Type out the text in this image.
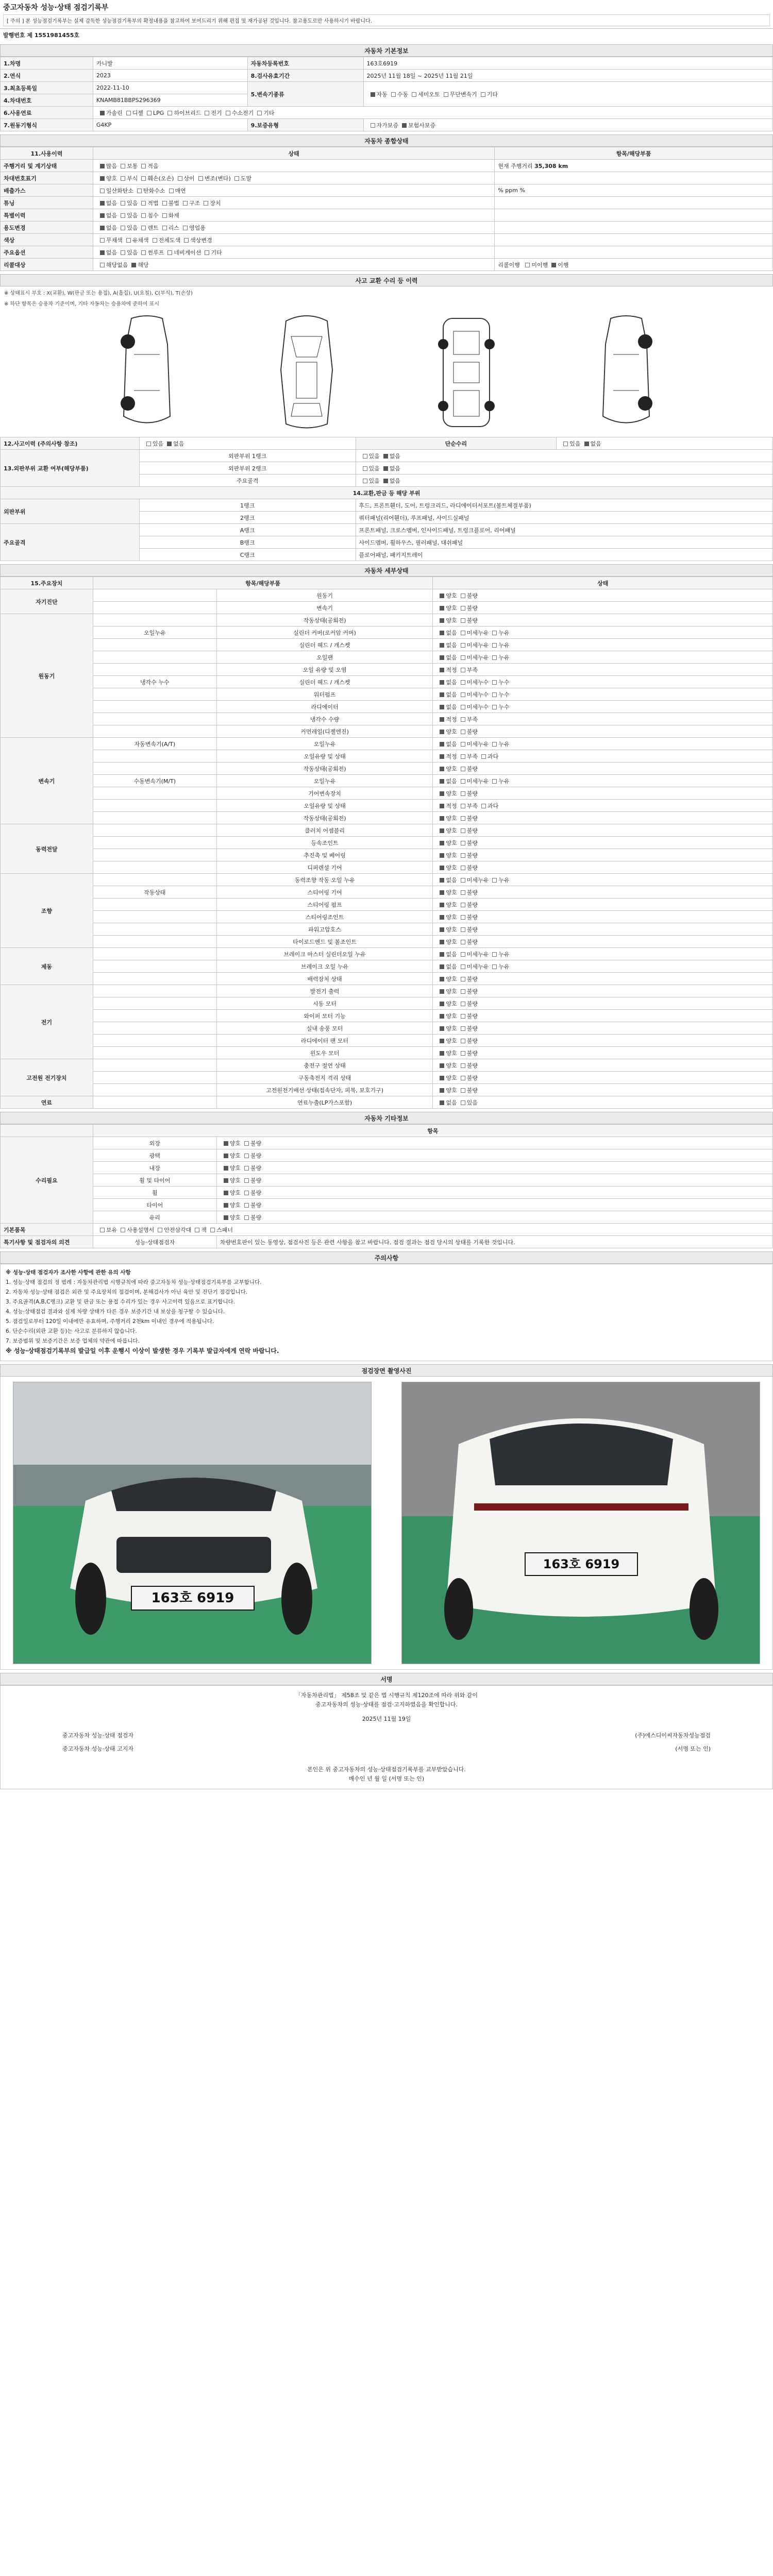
중고자동차 성능·상태 점검기록부
[ 주의 ] 본 성능점검기록부는 실제 감독한 성능점검기록부의 확정내용을 참고하여 보여드리기 위해 편집 및 재가공된 것입니다. 참고용도로만 사용하시기 바랍니다.
발행번호 제 1551981455호
자동차 기본정보
1.차명	카니발	자동차등록번호	163호6919
2.연식	2023	8.검사유효기간	2025년 11월 18일 ~ 2025년 11월 21일
3.최초등록일	2022-11-10	5.변속기종류	자동 수동 세미오토 무단변속기 기타
4.차대번호	KNAMB81BBPS296369		
6.사용연료	가솔린 디젤 LPG 하이브리드 전기 수소전기 기타		
7.원동기형식	G4KP	9.보증유형	자가보증 보험사보증
자동차 종합상태
11.사용이력	상태	항목/해당부품
주행거리 및 계기상태	많음 보통 적음	현재 주행거리 35,308 km
차대번호표기	양호 부식 훼손(오손) 상이 변조(변타) 도말	
배출가스	일산화탄소 탄화수소 매연	% ppm %
튜닝	없음 있음 적법 불법 구조 장치	
특별이력	없음 있음 침수 화재	
용도변경	없음 있음 렌트 리스 영업용	
색상	무채색 유채색 전체도색 색상변경	
주요옵션	없음 있음 썬루프 네비게이션 기타	
리콜대상	해당없음 해당	리콜이행 미이행 이행
사고 교환 수리 등 이력
※ 상태표시 부호 : X(교환), W(판금 또는 용접), A(흠집), U(요철), C(부식), T(손상)
※ 하단 항목은 승용차 기준이며, 기타 자동차는 승용차에 준하여 표시
12.사고이력 (주의사항 참조)	있음 없음	단순수리	있음 없음
13.외판부위 교환 여부(해당부품)	외판부위 1랭크	있음 없음	
	외판부위 2랭크	있음 없음	
	주요골격	있음 없음	
14.교환,판금 등 해당 부위			
외판부위	1랭크	후드, 프론트휀더, 도어, 트렁크리드, 라디에이터서포트(볼트체결부품)	
	2랭크	쿼터패널(리어휀더), 루프패널, 사이드실패널	
주요골격	A랭크	프론트패널, 크로스멤버, 인사이드패널, 트렁크플로어, 리어패널	
	B랭크	사이드멤버, 휠하우스, 필러패널, 대쉬패널	
	C랭크	플로어패널, 패키지트레이	
자동차 세부상태
15.주요장치	항목/해당부품		상태
자기진단		원동기	양호 불량
		변속기	양호 불량
원동기		작동상태(공회전)	양호 불량
	오일누유	실린더 커버(로커암 커버)	없음 미세누유 누유
		실린더 헤드 / 개스켓	없음 미세누유 누유
		오일팬	없음 미세누유 누유
		오일 유량 및 오염	적정 부족
	냉각수 누수	실린더 헤드 / 개스켓	없음 미세누수 누수
		워터펌프	없음 미세누수 누수
		라디에이터	없음 미세누수 누수
		냉각수 수량	적정 부족
		커먼레일(디젤엔진)	양호 불량
변속기	자동변속기(A/T)	오일누유	없음 미세누유 누유
		오일유량 및 상태	적정 부족 과다
		작동상태(공회전)	양호 불량
	수동변속기(M/T)	오일누유	없음 미세누유 누유
		기어변속장치	양호 불량
		오일유량 및 상태	적정 부족 과다
		작동상태(공회전)	양호 불량
동력전달		클러치 어셈블리	양호 불량
		등속조인트	양호 불량
		추진축 및 베어링	양호 불량
		디퍼렌셜 기어	양호 불량
조향		동력조향 작동 오일 누유	없음 미세누유 누유
	작동상태	스티어링 기어	양호 불량
		스티어링 펌프	양호 불량
		스티어링조인트	양호 불량
		파워고압호스	양호 불량
		타이로드엔드 및 볼조인트	양호 불량
제동		브레이크 마스터 실린더오일 누유	없음 미세누유 누유
		브레이크 오일 누유	없음 미세누유 누유
		배력장치 상태	양호 불량
전기		발전기 출력	양호 불량
		시동 모터	양호 불량
		와이퍼 모터 기능	양호 불량
		실내 송풍 모터	양호 불량
		라디에이터 팬 모터	양호 불량
		윈도우 모터	양호 불량
고전원 전기장치		충전구 절연 상태	양호 불량
		구동축전지 격리 상태	양호 불량
		고전원전기배선 상태(접속단자, 피복, 보호기구)	양호 불량
연료		연료누출(LP가스포함)	없음 있음
자동차 기타정보
	항목	
수리필요	외장	양호 불량
	광택	양호 불량
	내장	양호 불량
	휠 및 타이어	양호 불량
	휠	양호 불량
	타이어	양호 불량
	유리	양호 불량
기본품목	보유 사용설명서 안전삼각대 잭 스패너	
특기사항 및 점검자의 의견	성능·상태점검자	차량번호판이 있는 동영상, 점검사진 등은 관련 사항을 참고 바랍니다. 점검 결과는 점검 당시의 상태를 기록한 것입니다.
주의사항

※ 성능·상태 점검자가 조사한 사항에 관한 유의 사항

1. 성능·상태 점검의 정 범례 : 자동차관리법 시행규칙에 따라 중고자동차 성능·상태점검기록부를 교부합니다.

2. 자동차 성능·상태 점검은 외관 및 주요장치의 점검이며, 분해검사가 아닌 육안 및 진단기 점검입니다.

3. 주요골격(A,B,C랭크) 교환 및 판금 또는 용접 수리가 있는 경우 사고이력 있음으로 표기합니다.

4. 성능·상태점검 결과와 실제 차량 상태가 다른 경우 보증기간 내 보상을 청구할 수 있습니다.

5. 점검일로부터 120일 이내에만 유효하며, 주행거리 2천km 이내인 경우에 적용됩니다.

6. 단순수리(외판 교환 등)는 사고로 분류하지 않습니다.

7. 보증범위 및 보증기간은 보증 업체의 약관에 따릅니다.

※ 성능·상태점검기록부의 발급일 이후 운행시 이상이 발생한 경우 기록부 발급자에게 연락 바랍니다.

점검장면 촬영사진
163호 6919
163호 6919
서명
「자동차관리법」 제58조 및 같은 법 시행규칙 제120조에 따라 위와 같이
중고자동차의 성능·상태를 점검·고지하였음을 확인합니다.
2025년 11월 19일
중고자동차 성능·상태 점검자	(주)에스디이씨자동차성능점검
중고자동차 성능·상태 고지자	(서명 또는 인)
본인은 위 중고자동차의 성능·상태점검기록부를 교부받았습니다.
매수인 년 월 일 (서명 또는 인)
